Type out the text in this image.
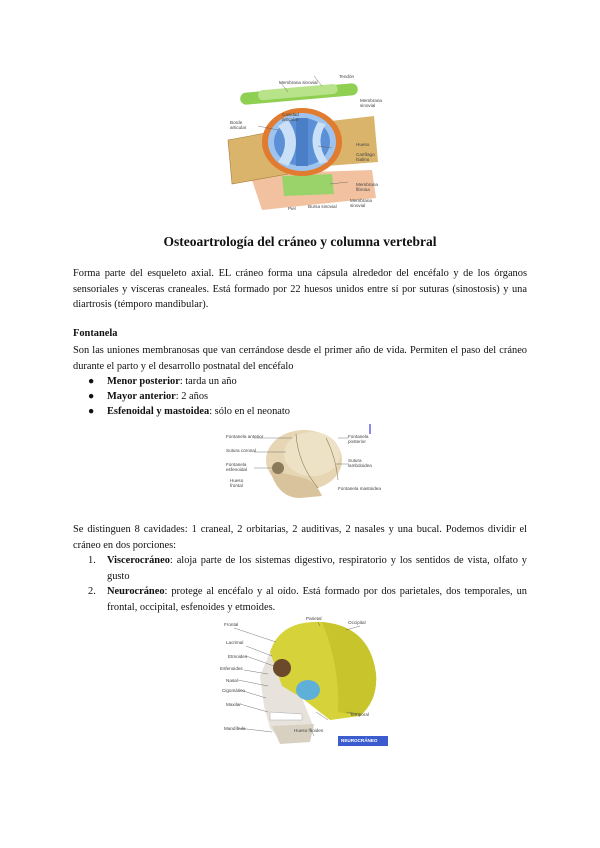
Tendón
Membrana sinovial
Membrana sinovial
Cavidad articular
Borde articular
Hueso
Cartílago hialino
Membrana fibrosa
Membrana sinovial
Piel	Bursa sinovial
Osteoartrología del cráneo y columna vertebral

Forma parte del esqueleto axial. EL cráneo forma una cápsula alrededor del encéfalo y de los órganos sensoriales y vísceras craneales. Está formado por 22 huesos unidos entre sí por suturas (sinostosis) y una diartrosis (témporo mandibular).

Fontanela

Son las uniones membranosas que van cerrándose desde el primer año de vida. Permiten el paso del cráneo durante el parto y el desarrollo postnatal del encéfalo

● Menor posterior: tarda un año
● Mayor anterior: 2 años
● Esfenoidal y mastoidea: sólo en el neonato
Fontanela anterior
Sutura coronal
Fontanela esfenoidal
Hueso frontal
Fontanela posterior
Sutura lambdoidea
Fontanela mastoidea

Se distinguen 8 cavidades: 1 craneal, 2 orbitarias, 2 auditivas, 2 nasales y una bucal. Podemos dividir el cráneo en dos porciones:

1. Viscerocráneo: aloja parte de los sistemas digestivo, respiratorio y los sentidos de vista, olfato y gusto
2. Neurocráneo: protege al encéfalo y al oído. Está formado por dos parietales, dos temporales, un frontal, occipital, esfenoides y etmoides.
Frontal
Parietal
Lacrimal
Etmoides
Esfenoides
Nasal
Cigomático
Maxilar
Mandíbula
Occipital
Temporal
Hueso hioides
NEUROCRÁNEO
